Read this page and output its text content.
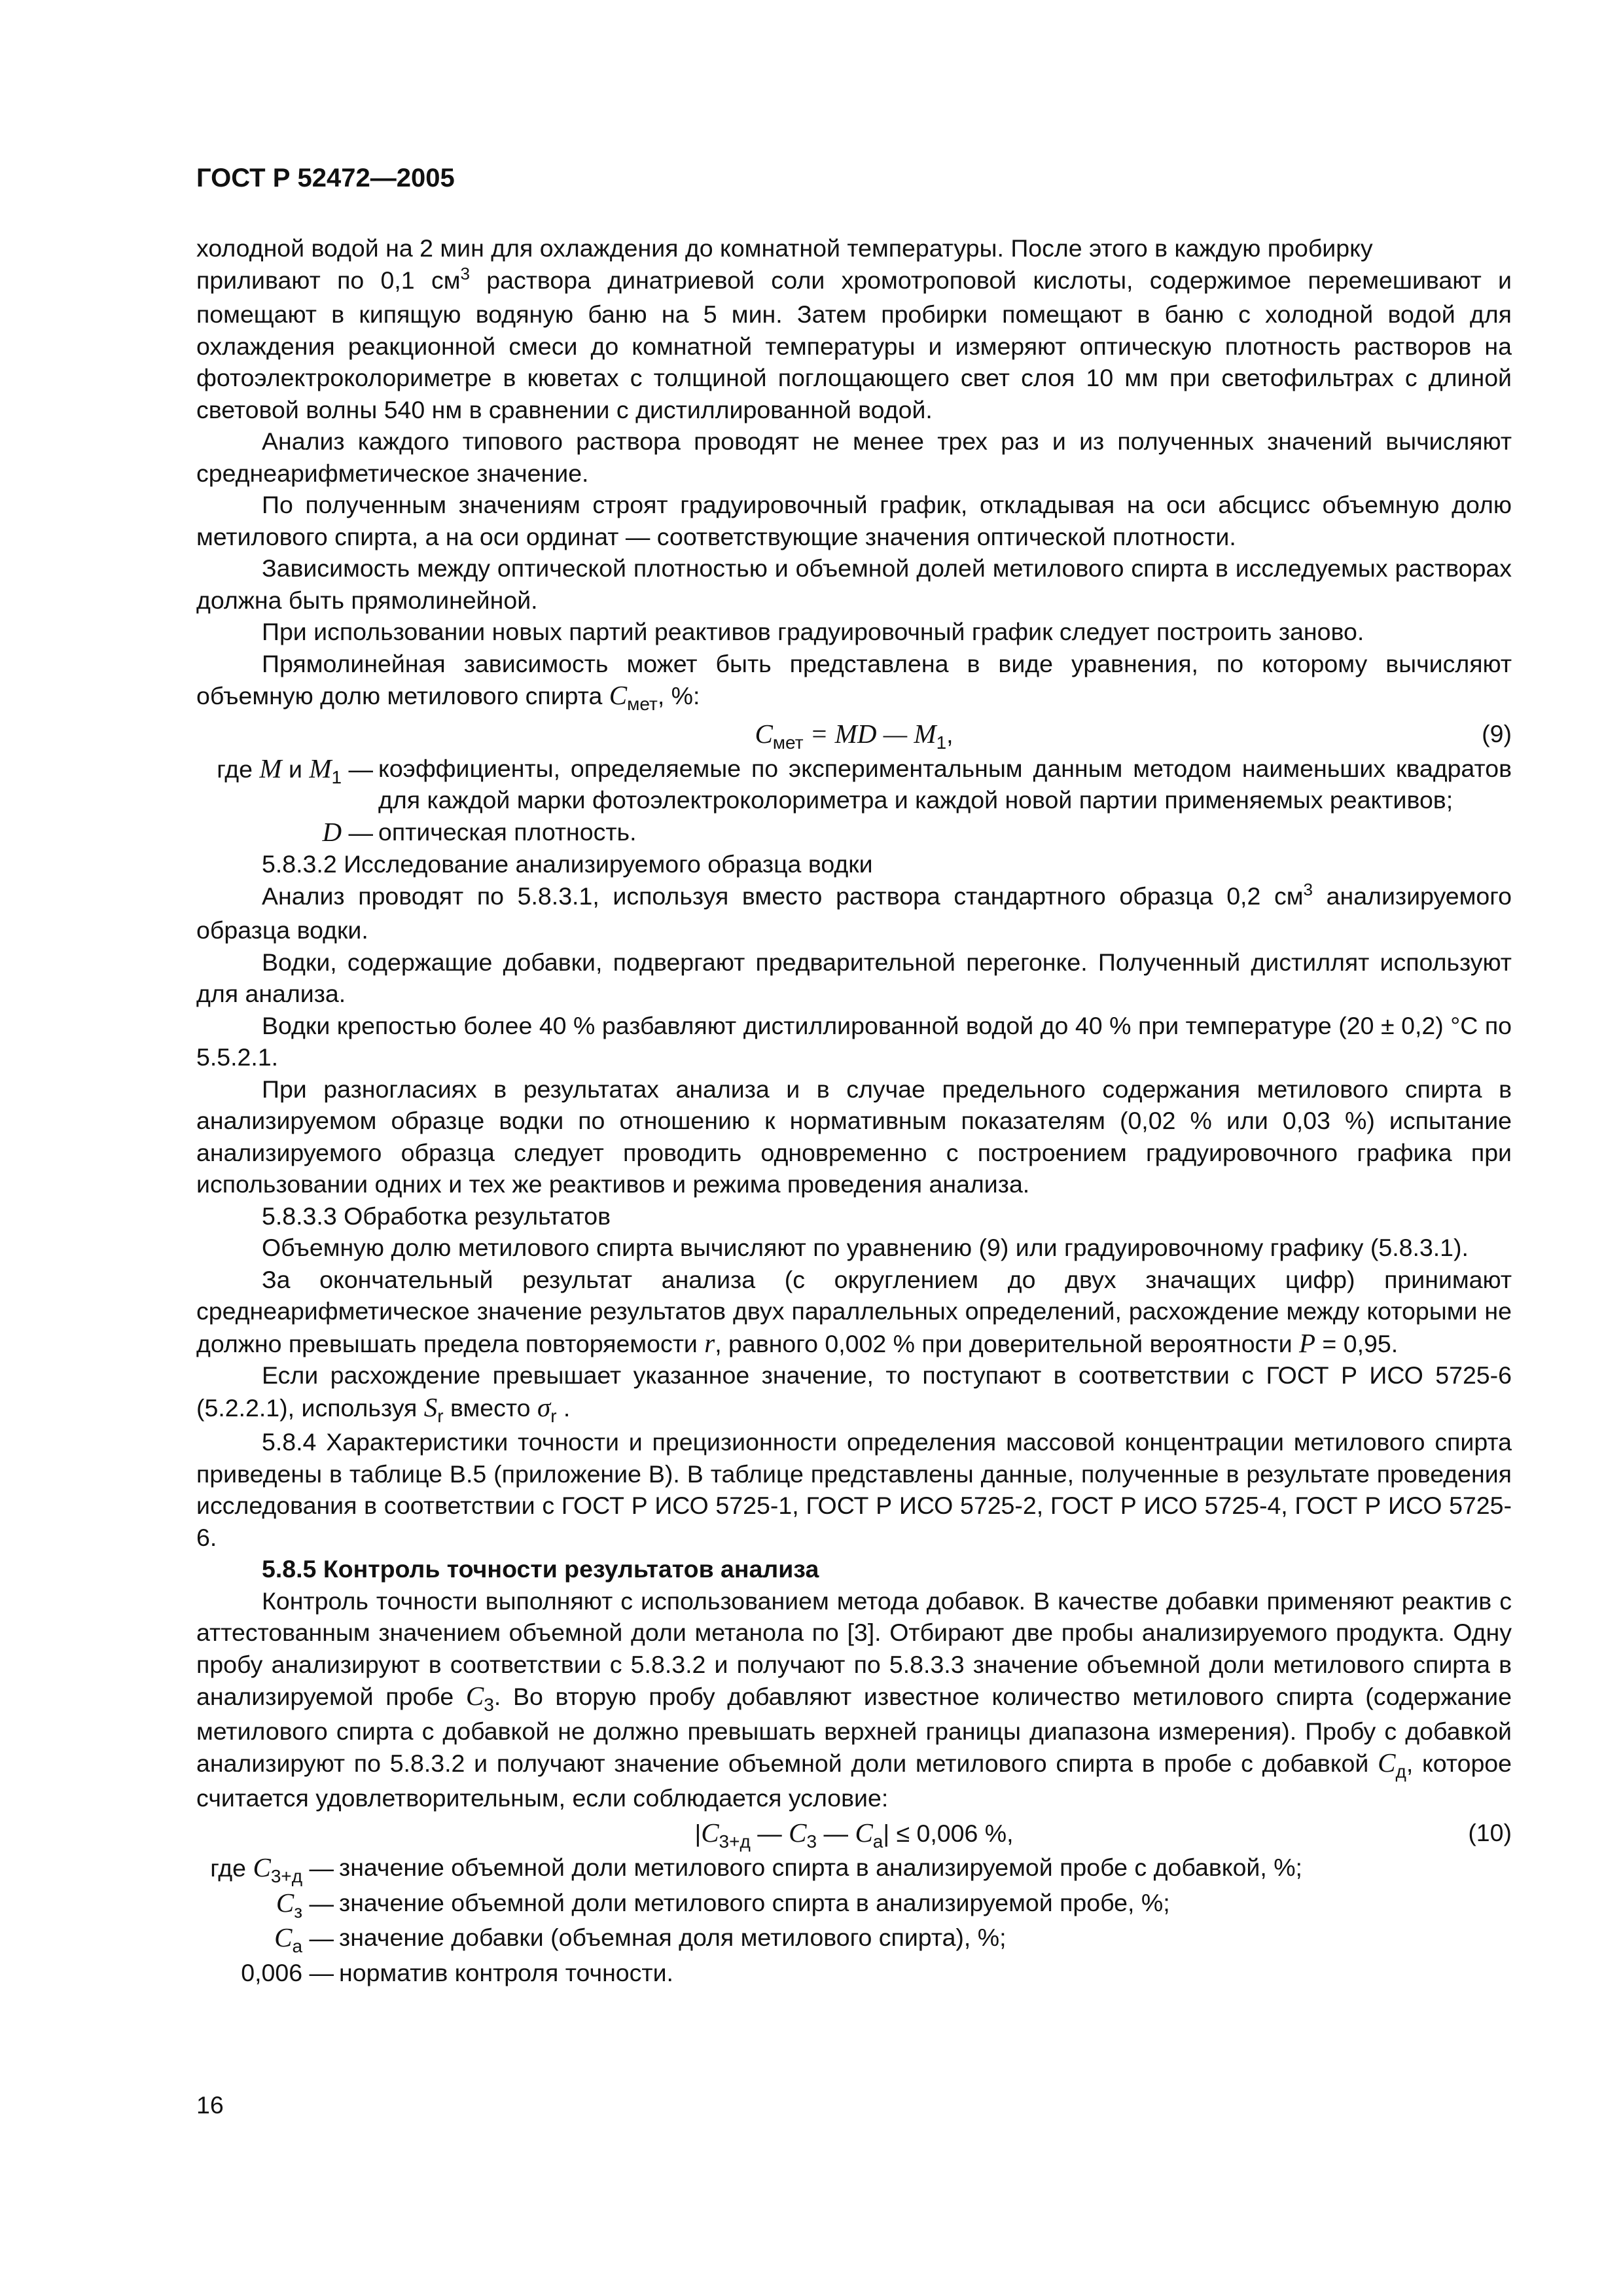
ГОСТ Р 52472—2005

холодной водой на 2 мин для охлаждения до комнатной температуры. После этого в каждую пробирку
приливают по 0,1 $см^3$ раствора динатриевой соли хромотроповой кислоты, содержимое перемешивают и помещают в кипящую водяную баню на 5 мин. Затем пробирки помещают в баню с холодной водой для охлаждения реакционной смеси до комнатной температуры и измеряют оптическую плотность растворов на фотоэлектроколориметре в кюветах с толщиной поглощающего свет слоя 10 мм при светофильтрах с длиной световой волны 540 нм в сравнении с дистиллированной водой.

Анализ каждого типового раствора проводят не менее трех раз и из полученных значений вычисляют среднеарифметическое значение.

По полученным значениям строят градуировочный график, откладывая на оси абсцисс объемную долю метилового спирта, а на оси ординат — соответствующие значения оптической плотности.

Зависимость между оптической плотностью и объемной долей метилового спирта в исследуемых растворах должна быть прямолинейной.

При использовании новых партий реактивов градуировочный график следует построить заново.

Прямолинейная зависимость может быть представлена в виде уравнения, по которому вычисляют объемную долю метилового спирта $C_{мет}$, %:

$C_{мет}$ = MD — $M_1$,	(9)
где M и $M_1$ —	коэффициенты, определяемые по экспериментальным данным методом наименьших квадратов для каждой марки фотоэлектроколориметра и каждой новой партии применяемых реактивов;
D —	оптическая плотность.

5.8.3.2 Исследование анализируемого образца водки

Анализ проводят по 5.8.3.1, используя вместо раствора стандартного образца 0,2 $см^3$ анализируемого образца водки.

Водки, содержащие добавки, подвергают предварительной перегонке. Полученный дистиллят используют для анализа.

Водки крепостью более 40 % разбавляют дистиллированной водой до 40 % при температуре (20 ± 0,2) °С по 5.5.2.1.

При разногласиях в результатах анализа и в случае предельного содержания метилового спирта в анализируемом образце водки по отношению к нормативным показателям (0,02 % или 0,03 %) испытание анализируемого образца следует проводить одновременно с построением градуировочного графика при использовании одних и тех же реактивов и режима проведения анализа.

5.8.3.3 Обработка результатов

Объемную долю метилового спирта вычисляют по уравнению (9) или градуировочному графику (5.8.3.1).

За окончательный результат анализа (с округлением до двух значащих цифр) принимают среднеарифметическое значение результатов двух параллельных определений, расхождение между которыми не должно превышать предела повторяемости r, равного 0,002 % при доверительной вероятности P = 0,95.

Если расхождение превышает указанное значение, то поступают в соответствии с ГОСТ Р ИСО 5725-6 (5.2.2.1), используя $S_r$ вместо $\sigma_r$ .

5.8.4 Характеристики точности и прецизионности определения массовой концентрации метилового спирта приведены в таблице В.5 (приложение В). В таблице представлены данные, полученные в результате проведения исследования в соответствии с ГОСТ Р ИСО 5725-1, ГОСТ Р ИСО 5725-2, ГОСТ Р ИСО 5725-4, ГОСТ Р ИСО 5725-6.

5.8.5 Контроль точности результатов анализа

Контроль точности выполняют с использованием метода добавок. В качестве добавки применяют реактив с аттестованным значением объемной доли метанола по [3]. Отбирают две пробы анализируемого продукта. Одну пробу анализируют в соответствии с 5.8.3.2 и получают по 5.8.3.3 значение объемной доли метилового спирта в анализируемой пробе $C_3$. Во вторую пробу добавляют известное количество метилового спирта (содержание метилового спирта с добавкой не должно превышать верхней границы диапазона измерения). Пробу с добавкой анализируют по 5.8.3.2 и получают значение объемной доли метилового спирта в пробе с добавкой $C_д$, которое считается удовлетворительным, если соблюдается условие:

$|C_{3+д}$ — $C_3$ — $C_а| \le 0,006$ %,	(10)
где $C_{3+д}$ —	значение объемной доли метилового спирта в анализируемой пробе с добавкой, %;
$C_з$ —	значение объемной доли метилового спирта в анализируемой пробе, %;
$C_а$ —	значение добавки (объемная доля метилового спирта), %;
0,006 —	норматив контроля точности.
16
